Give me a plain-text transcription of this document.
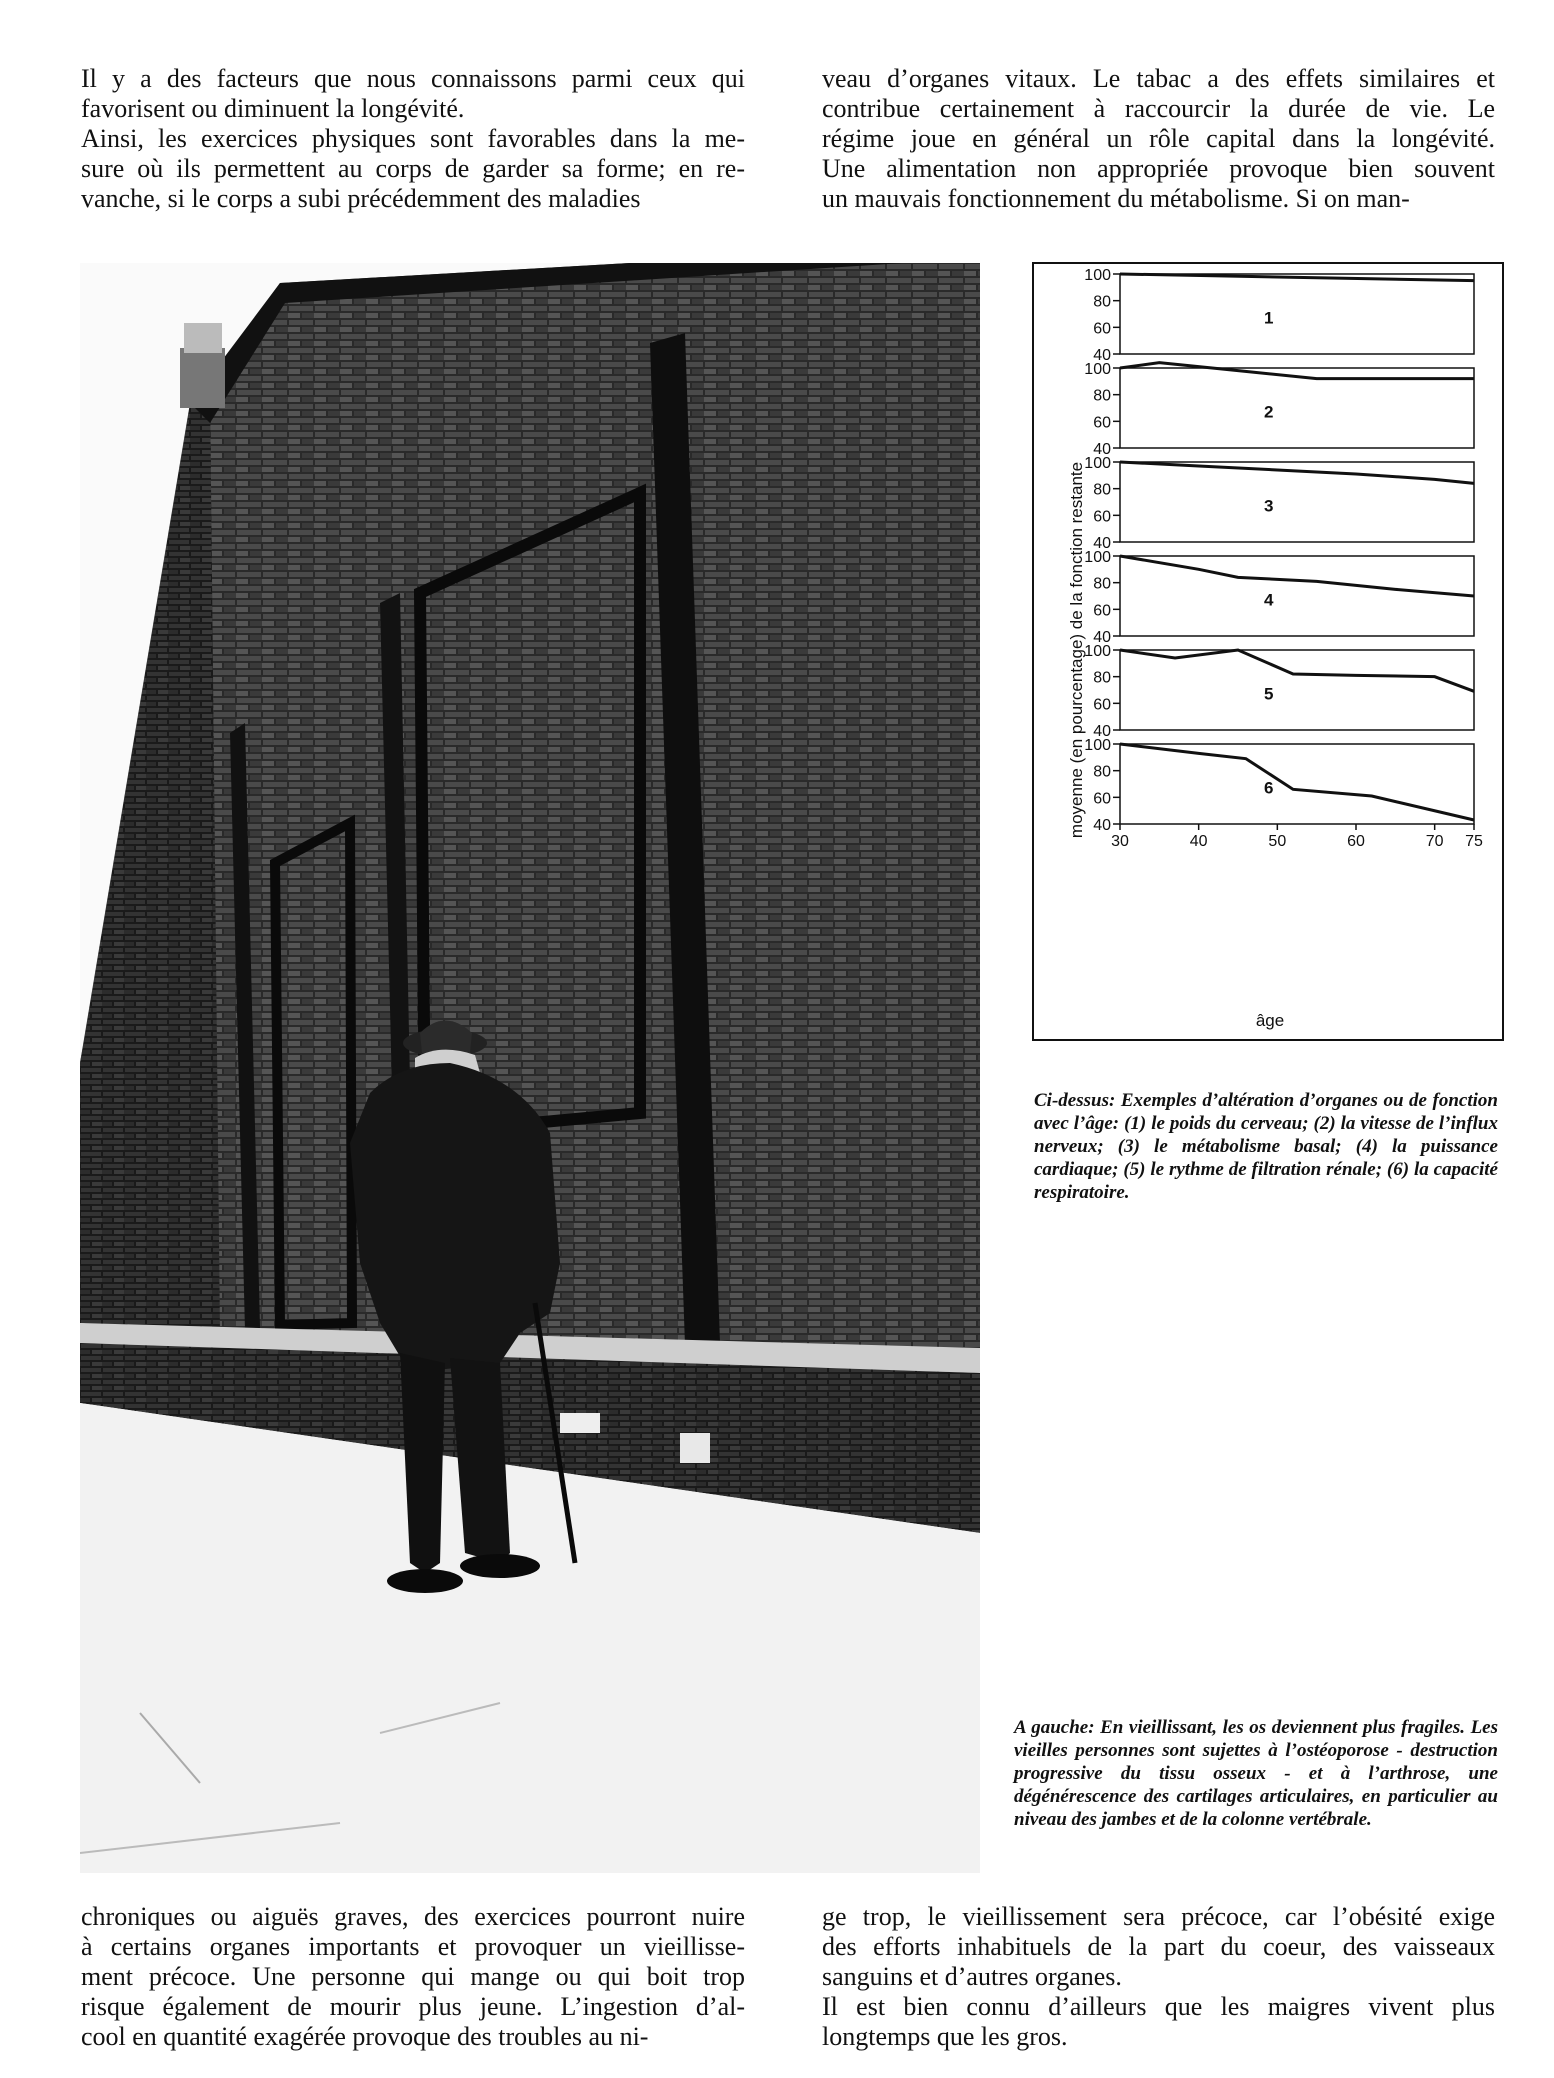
Il y a des facteurs que nous connaissons parmi ceux qui
favorisent ou diminuent la longévité.
Ainsi, les exercices physiques sont favorables dans la me-
sure où ils permettent au corps de garder sa forme; en re-
vanche, si le corps a subi précédemment des maladies
veau d’organes vitaux. Le tabac a des effets similaires et
contribue certainement à raccourcir la durée de vie. Le
régime joue en général un rôle capital dans la longévité.
Une alimentation non appropriée provoque bien souvent
un mauvais fonctionnement du métabolisme. Si on man-
moyenne (en pourcentage) de la fonction restante
âge
40
60
80
100
1
40
60
80
100
2
40
60
80
100
3
40
60
80
100
4
40
60
80
100
5
40
60
80
100
6
30	40	50	60	70 75
Ci-dessus: Exemples d’altération d’organes ou de fonction avec l’âge: (1) le poids du cerveau; (2) la vitesse de l’influx nerveux; (3) le métabolisme basal; (4) la puissance cardiaque; (5) le rythme de filtration rénale; (6) la capacité respiratoire.
A gauche: En vieillissant, les os deviennent plus fragiles. Les vieilles personnes sont sujettes à l’ostéoporose - destruction progressive du tissu osseux - et à l’arthrose, une dégénérescence des cartilages articulaires, en particulier au niveau des jambes et de la colonne vertébrale.
chroniques ou aiguës graves, des exercices pourront nuire
à certains organes importants et provoquer un vieillisse-
ment précoce. Une personne qui mange ou qui boit trop
risque également de mourir plus jeune. L’ingestion d’al-
cool en quantité exagérée provoque des troubles au ni-
ge trop, le vieillissement sera précoce, car l’obésité exige
des efforts inhabituels de la part du coeur, des vaisseaux
sanguins et d’autres organes.
Il est bien connu d’ailleurs que les maigres vivent plus
longtemps que les gros.
